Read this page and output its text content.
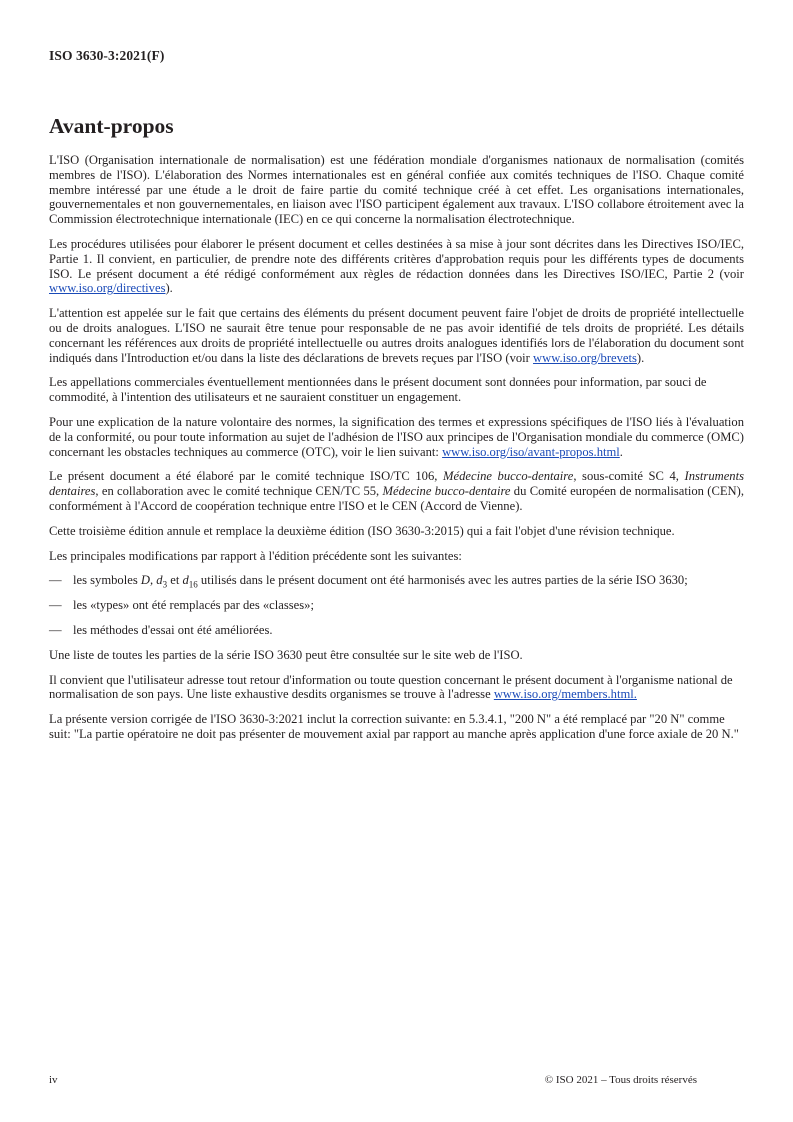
ISO 3630-3:2021(F)
Avant-propos

L'ISO (Organisation internationale de normalisation) est une fédération mondiale d'organismes nationaux de normalisation (comités membres de l'ISO). L'élaboration des Normes internationales est en général confiée aux comités techniques de l'ISO. Chaque comité membre intéressé par une étude a le droit de faire partie du comité technique créé à cet effet. Les organisations internationales, gouvernementales et non gouvernementales, en liaison avec l'ISO participent également aux travaux. L'ISO collabore étroitement avec la Commission électrotechnique internationale (IEC) en ce qui concerne la normalisation électrotechnique.

Les procédures utilisées pour élaborer le présent document et celles destinées à sa mise à jour sont décrites dans les Directives ISO/IEC, Partie 1. Il convient, en particulier, de prendre note des différents critères d'approbation requis pour les différents types de documents ISO. Le présent document a été rédigé conformément aux règles de rédaction données dans les Directives ISO/IEC, Partie 2 (voir www.iso.org/directives).

L'attention est appelée sur le fait que certains des éléments du présent document peuvent faire l'objet de droits de propriété intellectuelle ou de droits analogues. L'ISO ne saurait être tenue pour responsable de ne pas avoir identifié de tels droits de propriété. Les détails concernant les références aux droits de propriété intellectuelle ou autres droits analogues identifiés lors de l'élaboration du document sont indiqués dans l'Introduction et/ou dans la liste des déclarations de brevets reçues par l'ISO (voir www.iso.org/brevets).

Les appellations commerciales éventuellement mentionnées dans le présent document sont données pour information, par souci de commodité, à l'intention des utilisateurs et ne sauraient constituer un engagement.

Pour une explication de la nature volontaire des normes, la signification des termes et expressions spécifiques de l'ISO liés à l'évaluation de la conformité, ou pour toute information au sujet de l'adhésion de l'ISO aux principes de l'Organisation mondiale du commerce (OMC) concernant les obstacles techniques au commerce (OTC), voir le lien suivant: www.iso.org/iso/avant-propos.html.

Le présent document a été élaboré par le comité technique ISO/TC 106, Médecine bucco-dentaire, sous-comité SC 4, Instruments dentaires, en collaboration avec le comité technique CEN/TC 55, Médecine bucco-dentaire du Comité européen de normalisation (CEN), conformément à l'Accord de coopération technique entre l'ISO et le CEN (Accord de Vienne).

Cette troisième édition annule et remplace la deuxième édition (ISO 3630-3:2015) qui a fait l'objet d'une révision technique.

Les principales modifications par rapport à l'édition précédente sont les suivantes:

— les symboles D, $d_3$ et $d_{16}$ utilisés dans le présent document ont été harmonisés avec les autres parties de la série ISO 3630;
— les «types» ont été remplacés par des «classes»;
— les méthodes d'essai ont été améliorées.

Une liste de toutes les parties de la série ISO 3630 peut être consultée sur le site web de l'ISO.

Il convient que l'utilisateur adresse tout retour d'information ou toute question concernant le présent document à l'organisme national de normalisation de son pays. Une liste exhaustive desdits organismes se trouve à l'adresse www.iso.org/members.html.

La présente version corrigée de l'ISO 3630-3:2021 inclut la correction suivante: en 5.3.4.1, "200 N" a été remplacé par "20 N" comme suit: "La partie opératoire ne doit pas présenter de mouvement axial par rapport au manche après application d'une force axiale de 20 N."

iv	© ISO 2021 – Tous droits réservés
